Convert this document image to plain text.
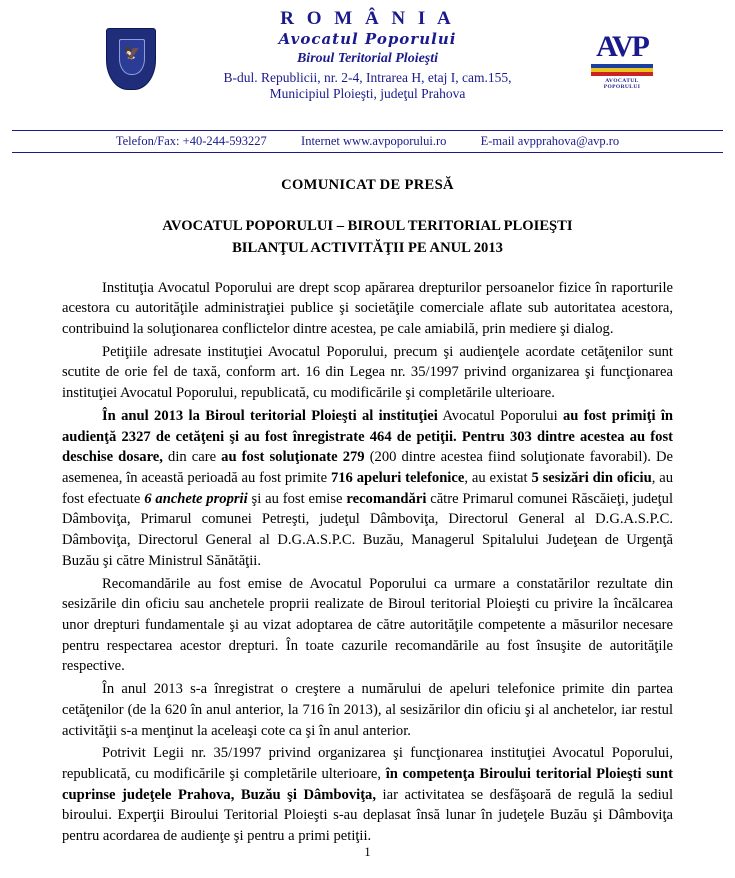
🦅	AVP
AVOCATUL POPORULUI
R O M Â N I A
Avocatul Poporului
Biroul Teritorial Ploieşti
B-dul. Republicii, nr. 2-4, Intrarea H, etaj I, cam.155,
Municipiul Ploieşti, judeţul Prahova
Telefon/Fax: +40-244-593227	Internet www.avpoporului.ro	E-mail avpprahova@avp.ro
COMUNICAT DE PRESĂ
AVOCATUL POPORULUI – BIROUL TERITORIAL PLOIEŞTI
BILANŢUL ACTIVITĂŢII PE ANUL 2013

Instituţia Avocatul Poporului are drept scop apărarea drepturilor persoanelor fizice în raporturile acestora cu autorităţile administraţiei publice şi societăţile comerciale aflate sub autoritatea acestora, contribuind la soluţionarea conflictelor dintre acestea, pe cale amiabilă, prin mediere şi dialog.

Petiţiile adresate instituţiei Avocatul Poporului, precum şi audienţele acordate cetăţenilor sunt scutite de orie fel de taxă, conform art. 16 din Legea nr. 35/1997 privind organizarea şi funcţionarea instituţiei Avocatul Poporului, republicată, cu modificările şi completările ulterioare.

În anul 2013 la Biroul teritorial Ploieşti al instituţiei Avocatul Poporului au fost primiţi în audienţă 2327 de cetăţeni şi au fost înregistrate 464 de petiţii. Pentru 303 dintre acestea au fost deschise dosare, din care au fost soluţionate 279 (200 dintre acestea fiind soluţionate favorabil). De asemenea, în această perioadă au fost primite 716 apeluri telefonice, au existat 5 sesizări din oficiu, au fost efectuate 6 anchete proprii şi au fost emise recomandări către Primarul comunei Răscăieţi, judeţul Dâmboviţa, Primarul comunei Petreşti, judeţul Dâmboviţa, Directorul General al D.G.A.S.P.C. Dâmboviţa, Directorul General al D.G.A.S.P.C. Buzău, Managerul Spitalului Judeţean de Urgenţă Buzău şi către Ministrul Sănătăţii.

Recomandările au fost emise de Avocatul Poporului ca urmare a constatărilor rezultate din sesizările din oficiu sau anchetele proprii realizate de Biroul teritorial Ploieşti cu privire la încălcarea unor drepturi fundamentale şi au vizat adoptarea de către autorităţile competente a măsurilor necesare pentru respectarea acestor drepturi. În toate cazurile recomandările au fost însuşite de autorităţile respective.

În anul 2013 s-a înregistrat o creştere a numărului de apeluri telefonice primite din partea cetăţenilor (de la 620 în anul anterior, la 716 în 2013), al sesizărilor din oficiu şi al anchetelor, iar restul activităţii s-a menţinut la aceleaşi cote ca şi în anul anterior.

Potrivit Legii nr. 35/1997 privind organizarea şi funcţionarea instituţiei Avocatul Poporului, republicată, cu modificările şi completările ulterioare, în competenţa Biroului teritorial Ploieşti sunt cuprinse judeţele Prahova, Buzău şi Dâmboviţa, iar activitatea se desfăşoară de regulă la sediul biroului. Experţii Biroului Teritorial Ploieşti s-au deplasat însă lunar în judeţele Buzău şi Dâmboviţa pentru acordarea de audienţe şi pentru a primi petiţii.

1
